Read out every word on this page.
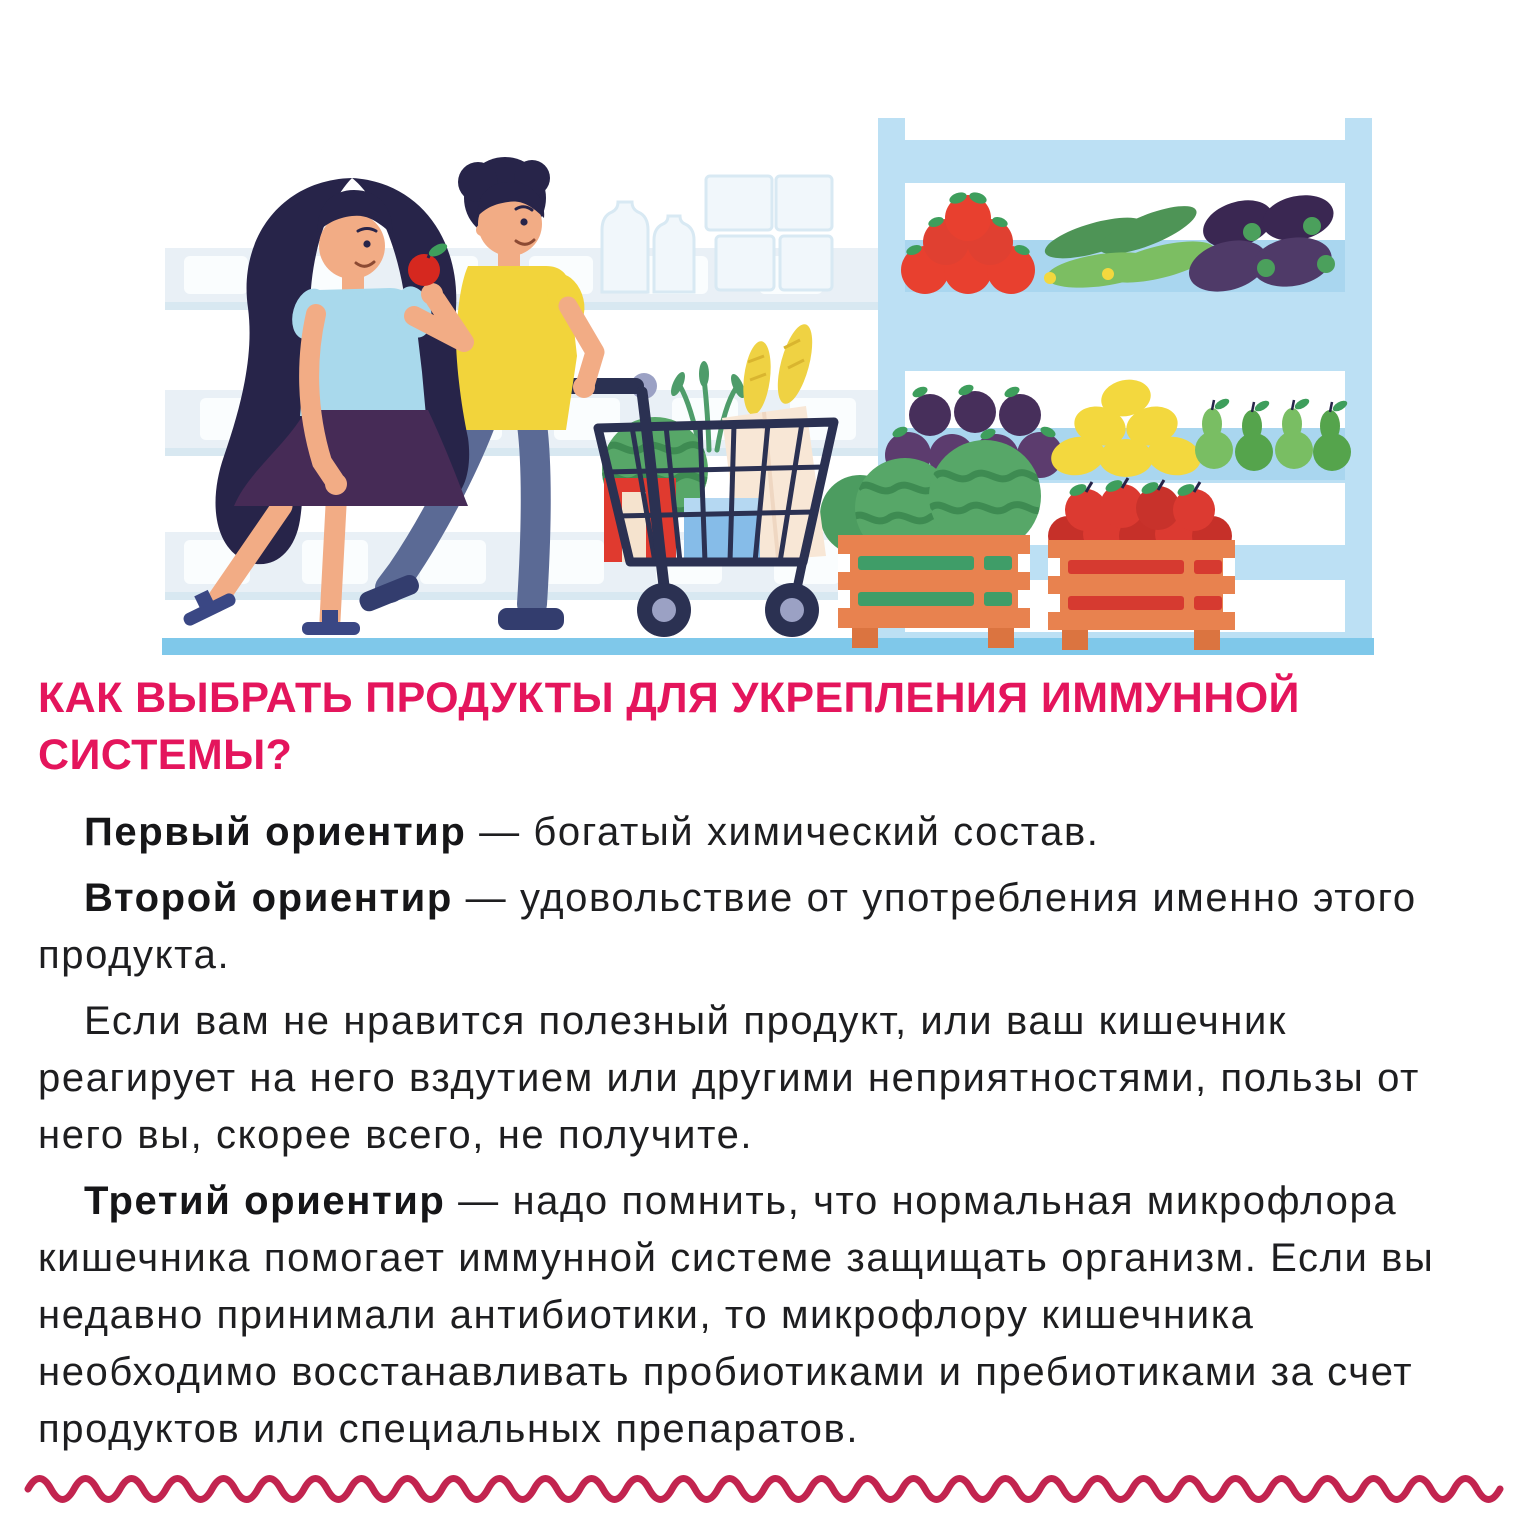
КАК ВЫБРАТЬ ПРОДУКТЫ ДЛЯ УКРЕПЛЕНИЯ ИММУННОЙ
СИСТЕМЫ?

Первый ориентир — богатый химический состав.

Второй ориентир — удовольствие от употребления именно этого продукта.

Если вам не нравится полезный продукт, или ваш кишечник реагирует на него вздутием или другими неприятностями, пользы от него вы, скорее всего, не получите.

Третий ориентир — надо помнить, что нормальная микрофлора кишечника помогает иммунной системе защищать организм. Если вы недавно принимали антибиотики, то микрофлору кишечника необходимо восстанавливать пробиотиками и пребиотиками за счет продуктов или специальных препаратов.
